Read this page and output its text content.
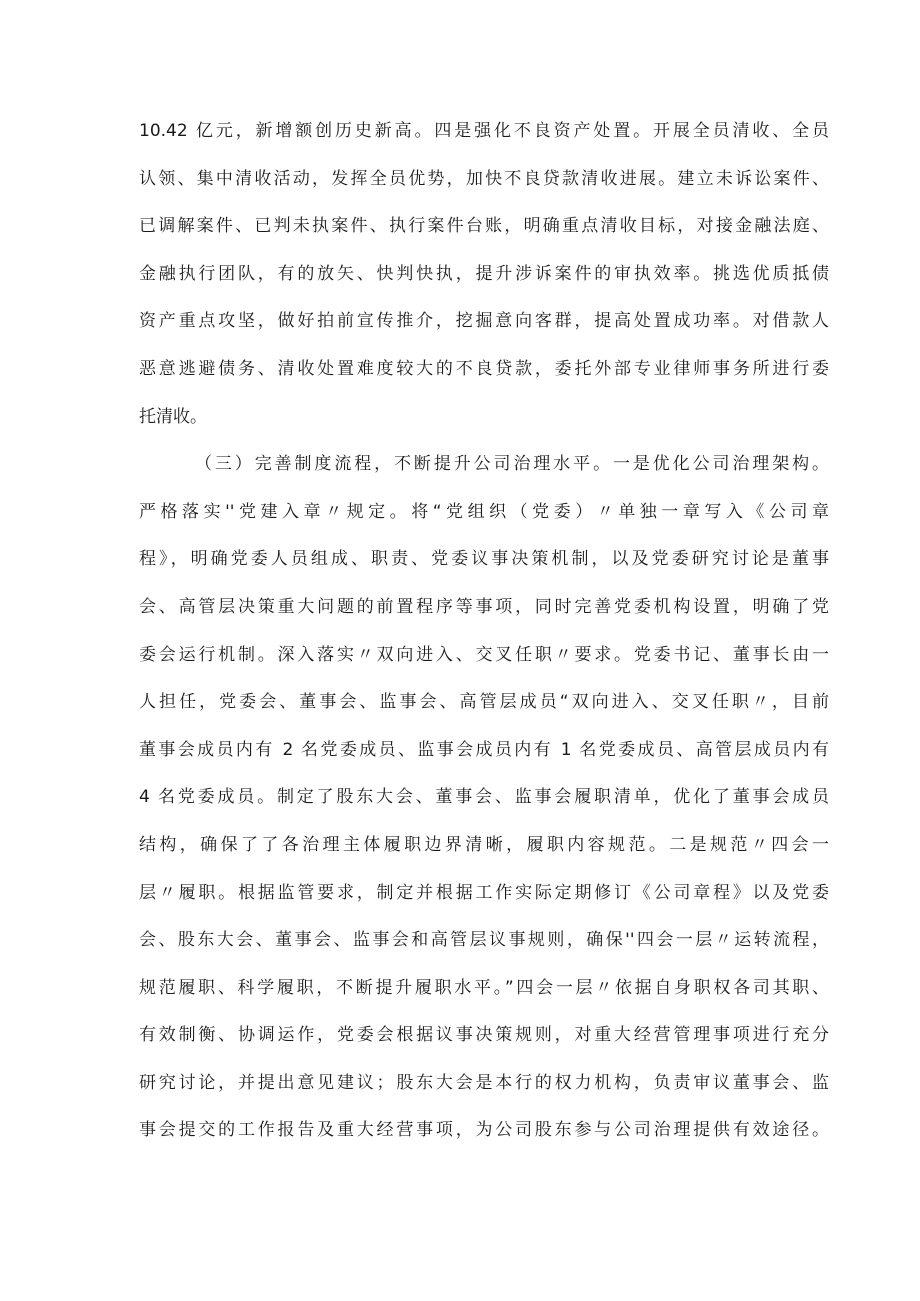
10.42 亿元，新增额创历史新高。四是强化不良资产处置。开展全员清收、全员
认领、集中清收活动，发挥全员优势，加快不良贷款清收进展。建立未诉讼案件、
已调解案件、已判未执案件、执行案件台账，明确重点清收目标，对接金融法庭、
金融执行团队，有的放矢、快判快执，提升涉诉案件的审执效率。挑选优质抵债
资产重点攻坚，做好拍前宣传推介，挖掘意向客群，提高处置成功率。对借款人
恶意逃避债务、清收处置难度较大的不良贷款，委托外部专业律师事务所进行委
托清收。
（三）完善制度流程，不断提升公司治理水平。一是优化公司治理架构。
严格落实''党建入章〃规定。将“党组织（党委）〃单独一章写入《公司章
程》，明确党委人员组成、职责、党委议事决策机制，以及党委研究讨论是董事
会、高管层决策重大问题的前置程序等事项，同时完善党委机构设置，明确了党
委会运行机制。深入落实〃双向进入、交叉任职〃要求。党委书记、董事长由一
人担任，党委会、董事会、监事会、高管层成员“双向进入、交叉任职〃，目前
董事会成员内有 2 名党委成员、监事会成员内有 1 名党委成员、高管层成员内有
4 名党委成员。制定了股东大会、董事会、监事会履职清单，优化了董事会成员
结构，确保了了各治理主体履职边界清晰，履职内容规范。二是规范〃四会一
层〃履职。根据监管要求，制定并根据工作实际定期修订《公司章程》以及党委
会、股东大会、董事会、监事会和高管层议事规则，确保''四会一层〃运转流程，
规范履职、科学履职，不断提升履职水平。”四会一层〃依据自身职权各司其职、
有效制衡、协调运作，党委会根据议事决策规则，对重大经营管理事项进行充分
研究讨论，并提出意见建议；股东大会是本行的权力机构，负责审议董事会、监
事会提交的工作报告及重大经营事项，为公司股东参与公司治理提供有效途径。
